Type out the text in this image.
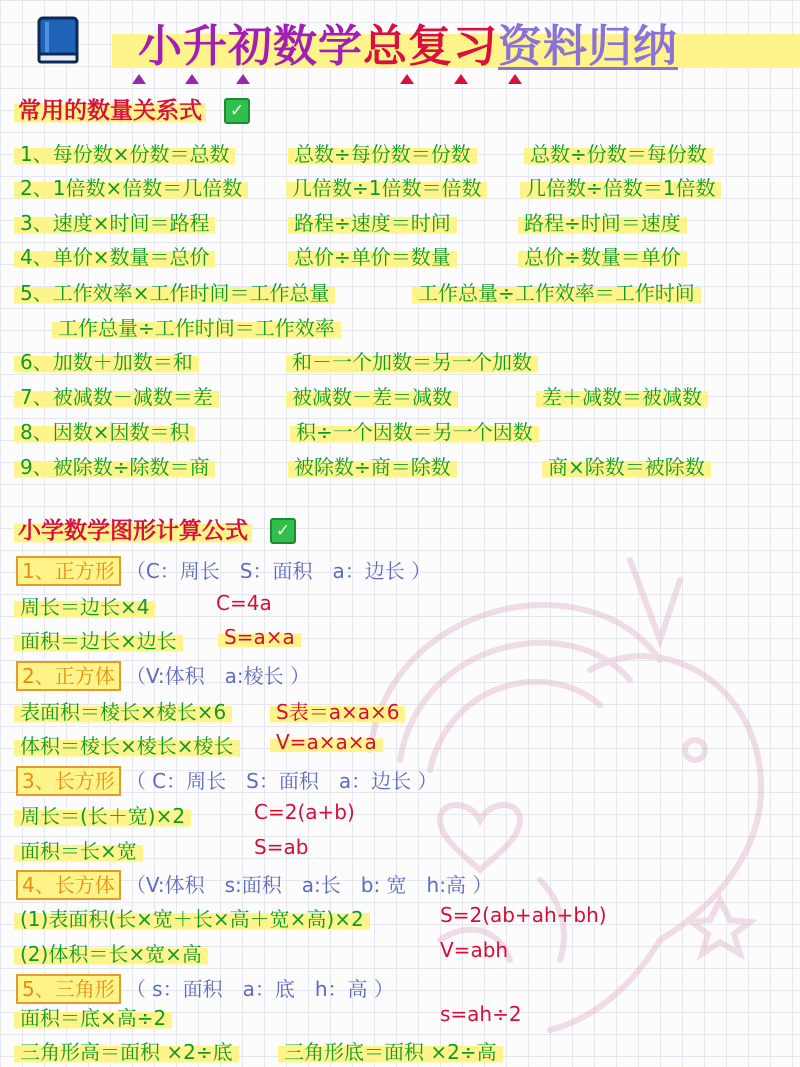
小升初数学总复习资料归纳
常用的数量关系式 ✓
1、每份数×份数＝总数	总数÷每份数＝份数	总数÷份数＝每份数
2、1倍数×倍数＝几倍数	几倍数÷1倍数＝倍数	几倍数÷倍数＝1倍数
3、速度×时间＝路程	路程÷速度＝时间	路程÷时间＝速度
4、单价×数量＝总价	总价÷单价＝数量	总价÷数量＝单价
5、工作效率×工作时间＝工作总量	工作总量÷工作效率＝工作时间
工作总量÷工作时间＝工作效率
6、加数＋加数＝和	和－一个加数＝另一个加数
7、被减数－减数＝差	被减数－差＝减数	差＋减数＝被减数
8、因数×因数＝积	积÷一个因数＝另一个因数
9、被除数÷除数＝商	被除数÷商＝除数	商×除数＝被除数
小学数学图形计算公式 ✓
1、正方形 （C：周长　S：面积　a：边长 ）
周长＝边长×4	C=4a
面积＝边长×边长	S=a×a
2、正方体 （V:体积　a:棱长 ）
表面积＝棱长×棱长×6	S表＝a×a×6
体积＝棱长×棱长×棱长	V=a×a×a
3、长方形 （ C：周长　S：面积　a：边长 ）
周长＝(长＋宽)×2	C=2(a+b)
面积＝长×宽	S=ab
4、长方体 （V:体积　s:面积　a:长　b: 宽　h:高 ）
(1)表面积(长×宽＋长×高＋宽×高)×2	S=2(ab+ah+bh)
(2)体积＝长×宽×高	V=abh
5、三角形 （ s：面积　a：底　h：高 ）
面积＝底×高÷2	s=ah÷2
三角形高＝面积 ×2÷底	三角形底＝面积 ×2÷高
